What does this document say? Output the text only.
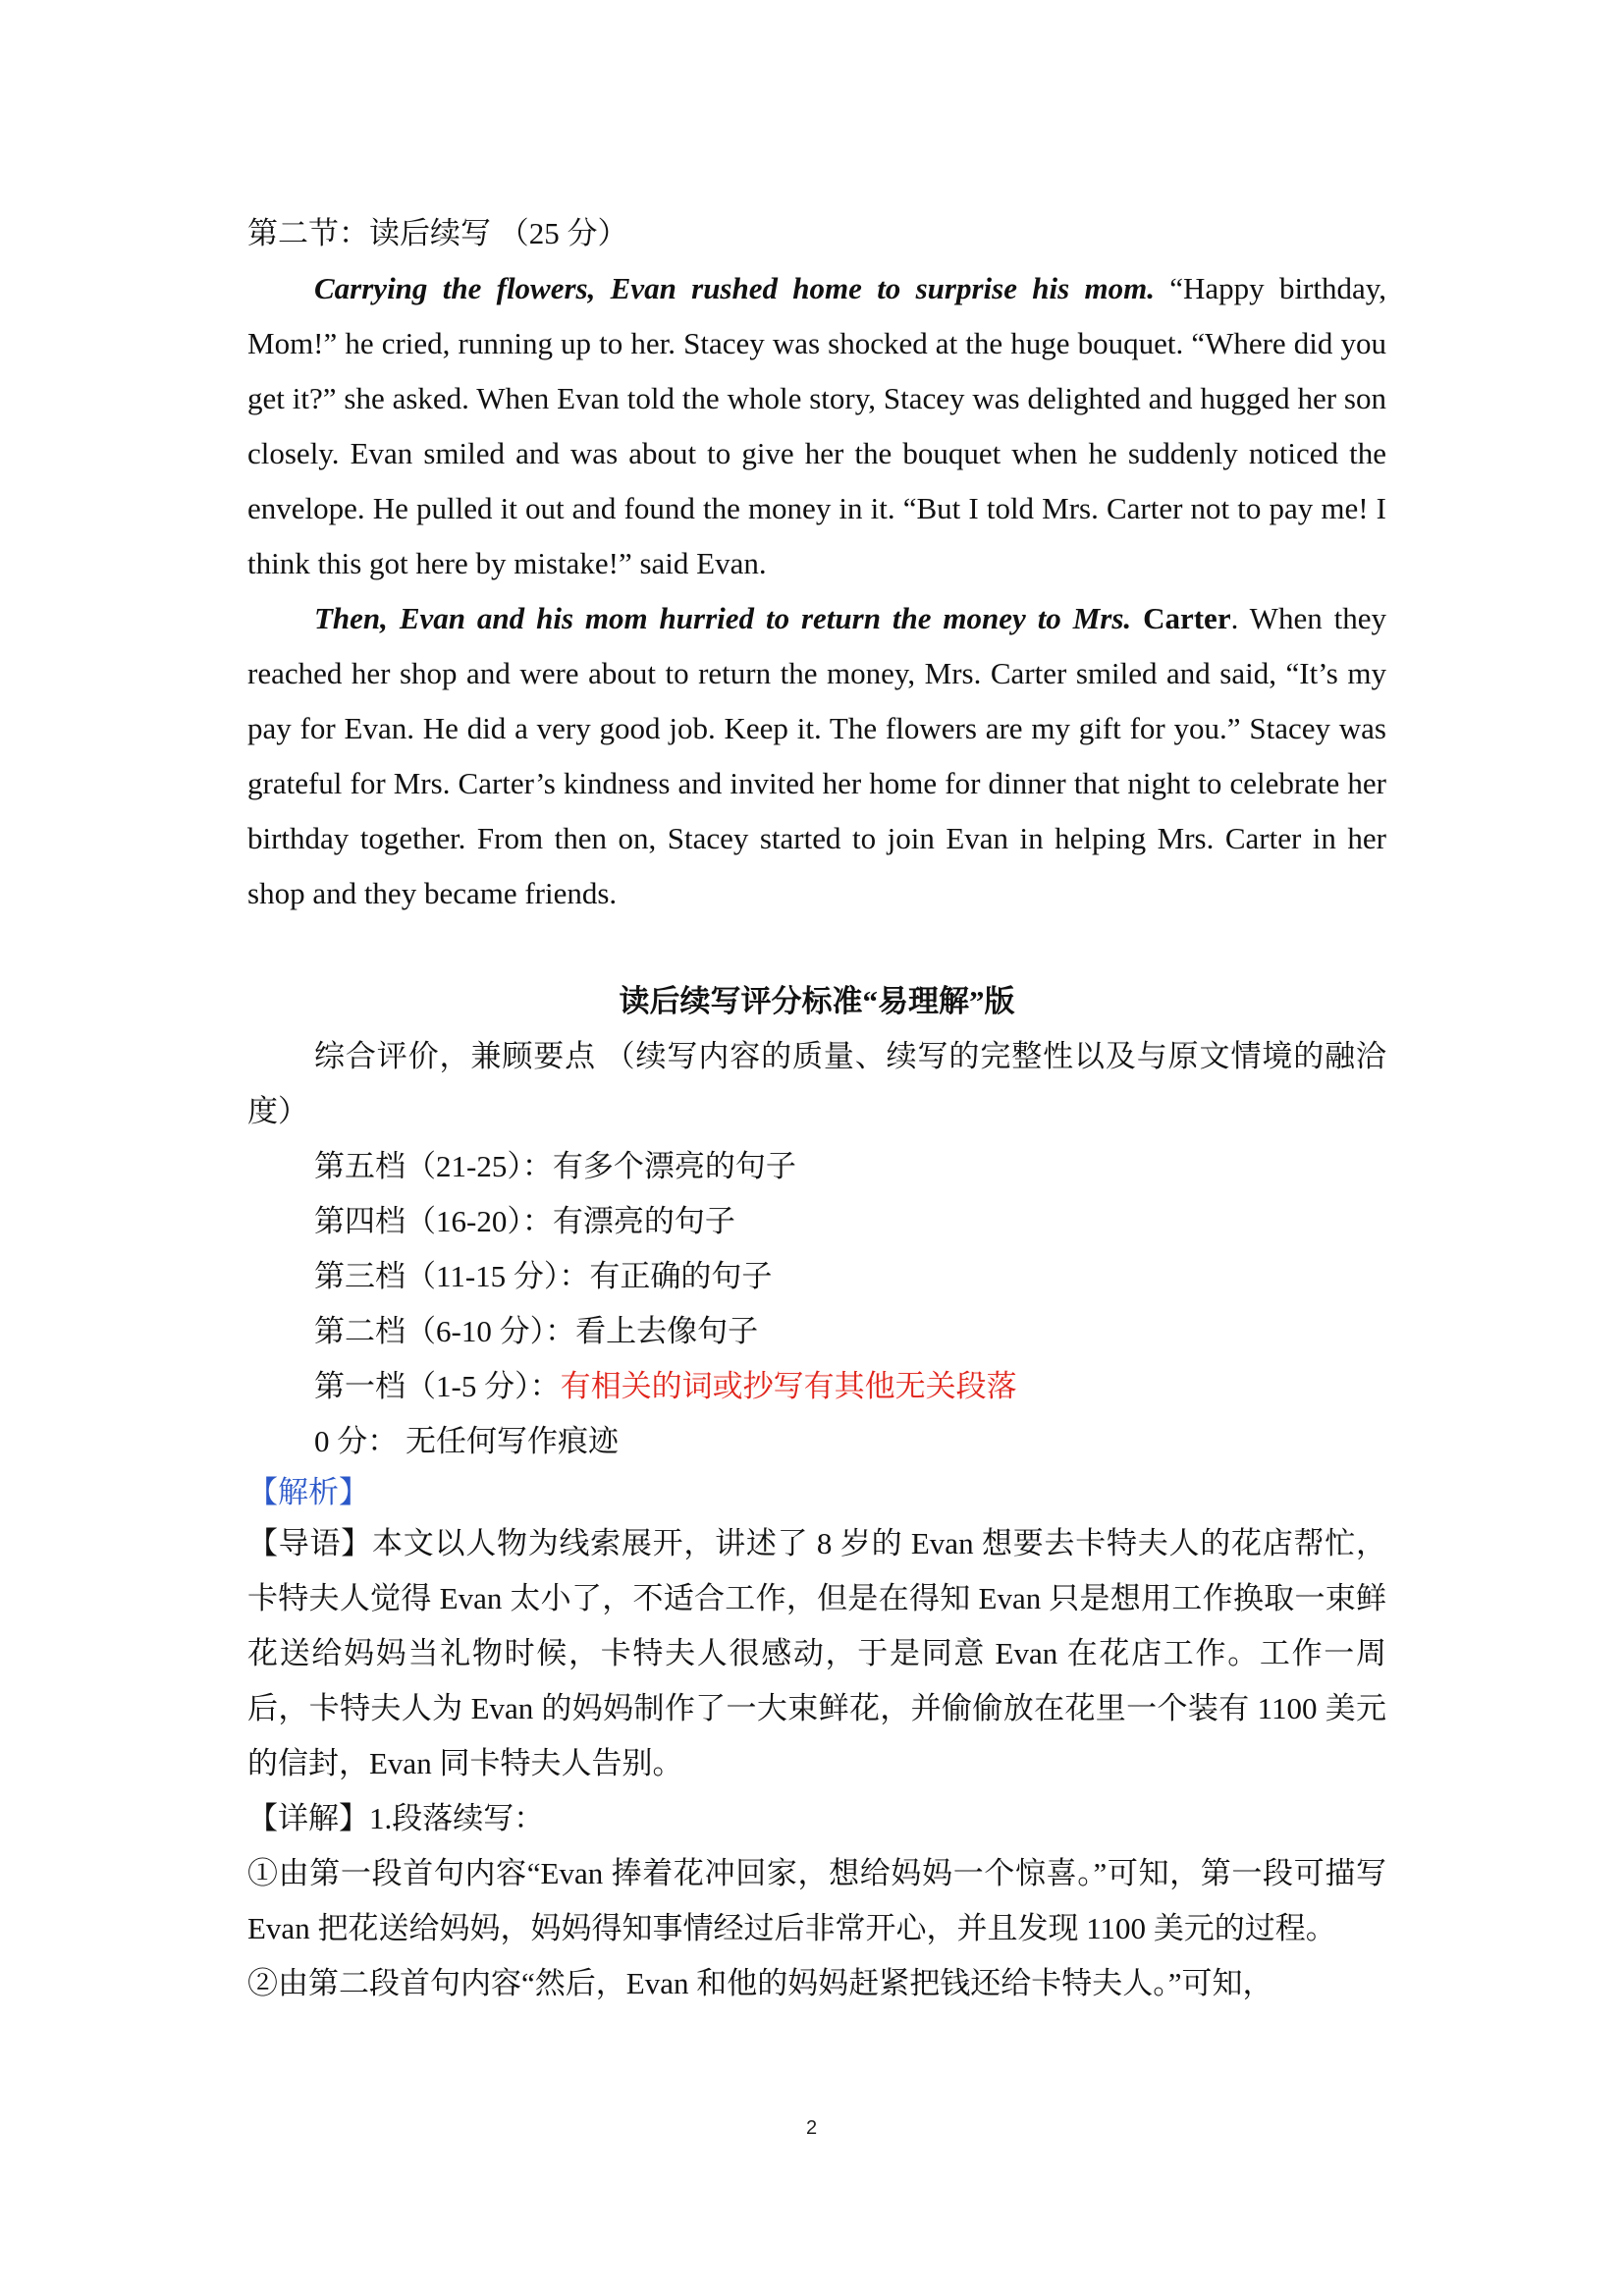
第二节：读后续写 （25 分）

Carrying the flowers, Evan rushed home to surprise his mom. “Happy birthday, Mom!” he cried, running up to her. Stacey was shocked at the huge bouquet. “Where did you get it?” she asked. When Evan told the whole story, Stacey was delighted and hugged her son closely. Evan smiled and was about to give her the bouquet when he suddenly noticed the envelope. He pulled it out and found the money in it. “But I told Mrs. Carter not to pay me! I think this got here by mistake!” said Evan.

Then, Evan and his mom hurried to return the money to Mrs. Carter. When they reached her shop and were about to return the money, Mrs. Carter smiled and said, “It’s my pay for Evan. He did a very good job. Keep it. The flowers are my gift for you.” Stacey was grateful for Mrs. Carter’s kindness and invited her home for dinner that night to celebrate her birthday together. From then on, Stacey started to join Evan in helping Mrs. Carter in her shop and they became friends.

读后续写评分标准“易理解”版

综合评价，兼顾要点 （续写内容的质量、续写的完整性以及与原文情境的融洽度）

第五档（21-25）：有多个漂亮的句子
第四档（16-20）：有漂亮的句子
第三档（11-15 分）：有正确的句子
第二档（6-10 分）：看上去像句子
第一档（1-5 分）：有相关的词或抄写有其他无关段落
0 分： 无任何写作痕迹
【解析】

【导语】本文以人物为线索展开，讲述了 8 岁的 Evan 想要去卡特夫人的花店帮忙，卡特夫人觉得 Evan 太小了，不适合工作，但是在得知 Evan 只是想用工作换取一束鲜花送给妈妈当礼物时候，卡特夫人很感动，于是同意 Evan 在花店工作。工作一周后，卡特夫人为 Evan 的妈妈制作了一大束鲜花，并偷偷放在花里一个装有 1100 美元的信封，Evan 同卡特夫人告别。

【详解】1.段落续写：

①由第一段首句内容“Evan 捧着花冲回家，想给妈妈一个惊喜。”可知，第一段可描写 Evan 把花送给妈妈，妈妈得知事情经过后非常开心，并且发现 1100 美元的过程。

②由第二段首句内容“然后，Evan 和他的妈妈赶紧把钱还给卡特夫人。”可知，

2
